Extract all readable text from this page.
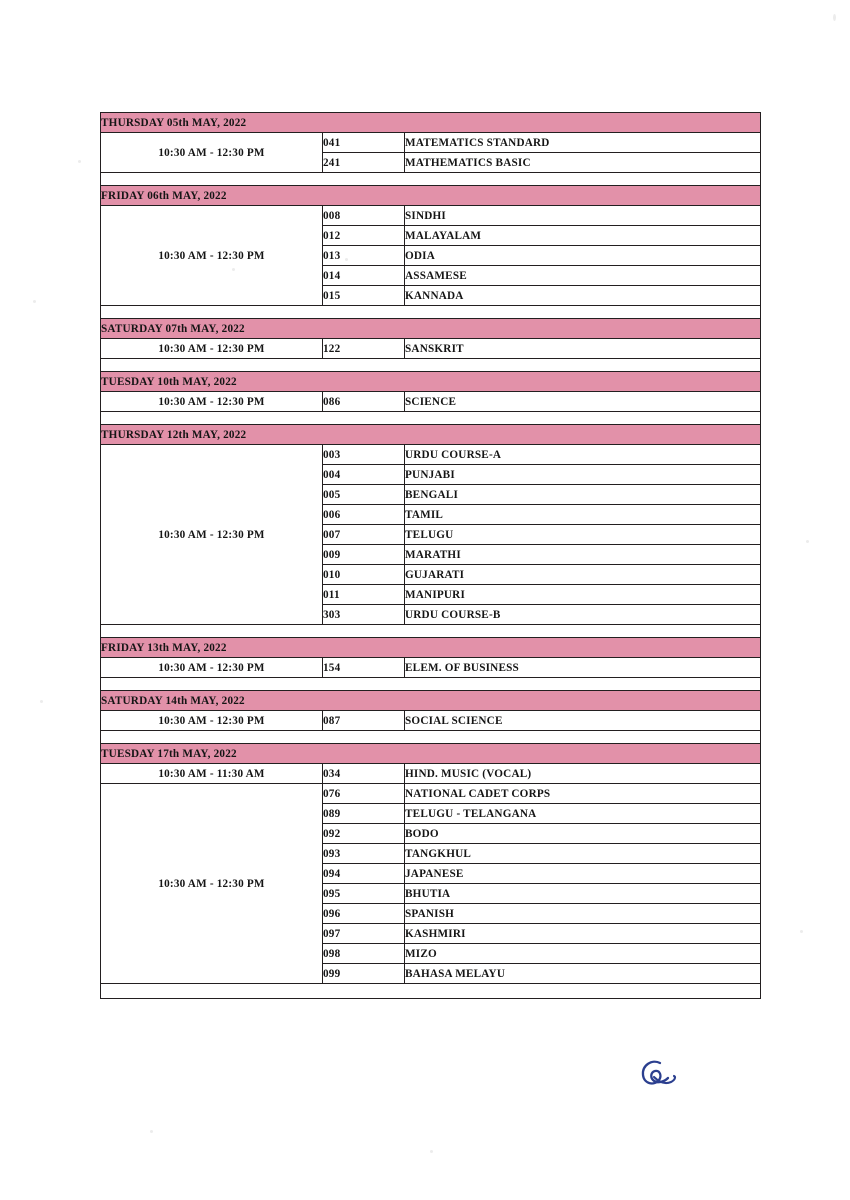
THURSDAY 05th MAY, 2022		
10:30 AM - 12:30 PM	041	MATEMATICS STANDARD
	241	MATHEMATICS BASIC

FRIDAY 06th MAY, 2022		
10:30 AM - 12:30 PM	008	SINDHI
	012	MALAYALAM
	013	ODIA
	014	ASSAMESE
	015	KANNADA

SATURDAY 07th MAY, 2022		
10:30 AM - 12:30 PM	122	SANSKRIT

TUESDAY 10th MAY, 2022		
10:30 AM - 12:30 PM	086	SCIENCE

THURSDAY 12th MAY, 2022		
10:30 AM - 12:30 PM	003	URDU COURSE-A
	004	PUNJABI
	005	BENGALI
	006	TAMIL
	007	TELUGU
	009	MARATHI
	010	GUJARATI
	011	MANIPURI
	303	URDU COURSE-B

FRIDAY 13th MAY, 2022		
10:30 AM - 12:30 PM	154	ELEM. OF BUSINESS

SATURDAY 14th MAY, 2022		
10:30 AM - 12:30 PM	087	SOCIAL SCIENCE

TUESDAY 17th MAY, 2022		
10:30 AM - 11:30 AM	034	HIND. MUSIC (VOCAL)
10:30 AM - 12:30 PM	076	NATIONAL CADET CORPS
	089	TELUGU - TELANGANA
	092	BODO
	093	TANGKHUL
	094	JAPANESE
	095	BHUTIA
	096	SPANISH
	097	KASHMIRI
	098	MIZO
	099	BAHASA MELAYU
